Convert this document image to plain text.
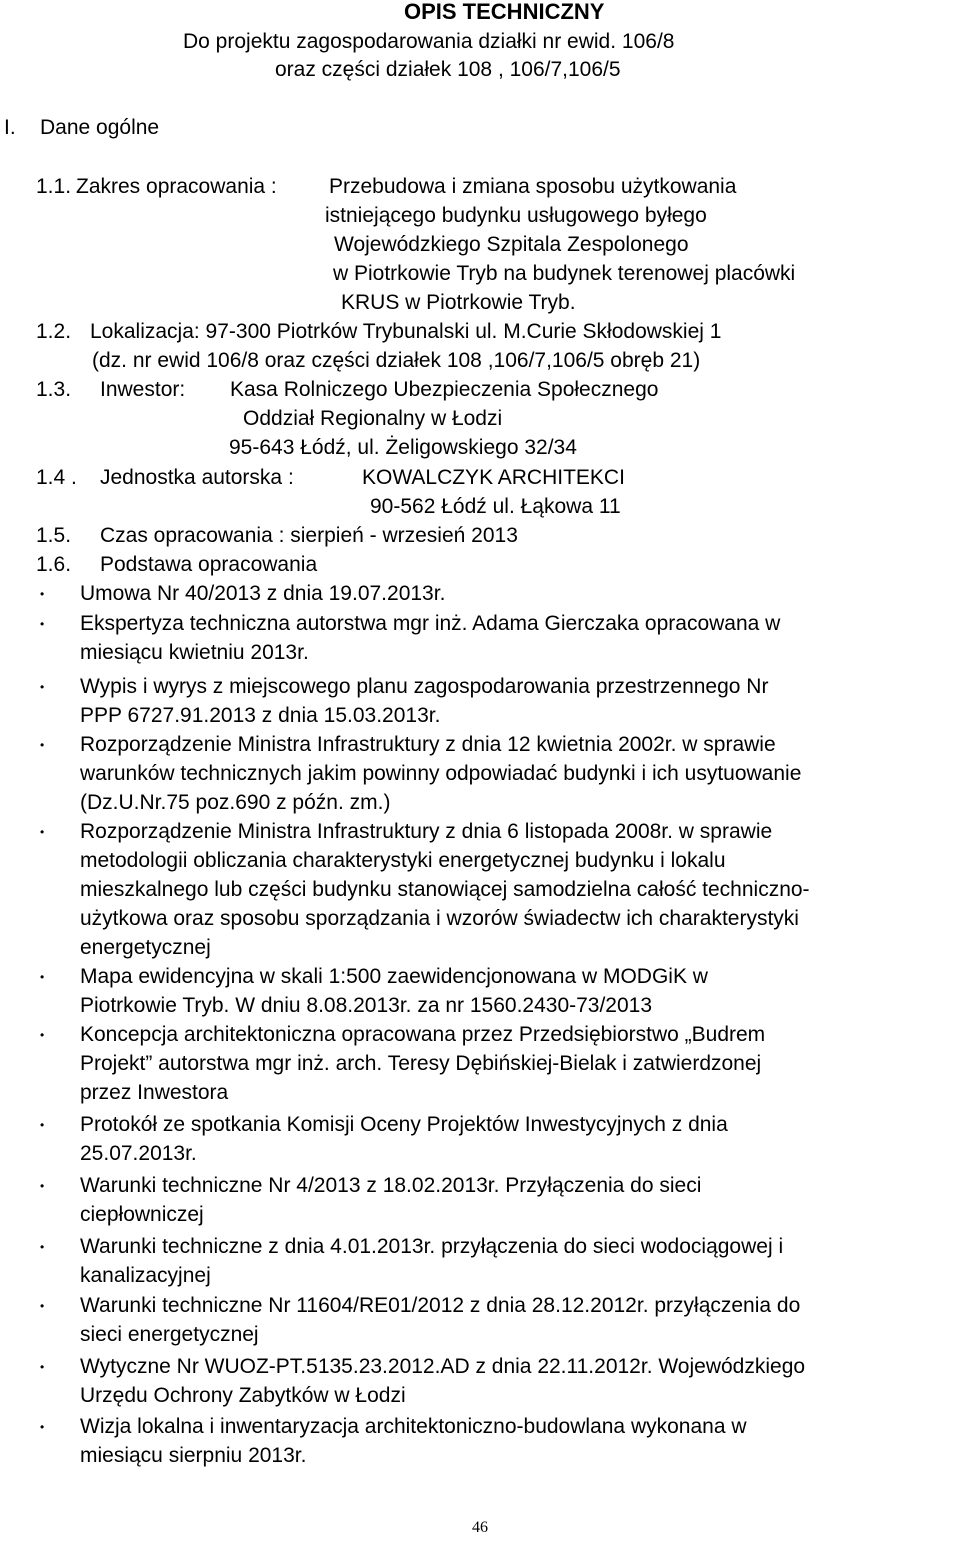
OPIS TECHNICZNY
Do projektu zagospodarowania działki nr ewid. 106/8
oraz części działek 108 , 106/7,106/5
I. Dane ogólne
1.1. Zakres opracowania : Przebudowa i zmiana sposobu użytkowania
istniejącego budynku usługowego byłego
Wojewódzkiego Szpitala Zespolonego
w Piotrkowie Tryb na budynek terenowej placówki
KRUS w Piotrkowie Tryb.
1.2. Lokalizacja: 97-300 Piotrków Trybunalski ul. M.Curie Skłodowskiej 1
(dz. nr ewid 106/8 oraz części działek 108 ,106/7,106/5 obręb 21)
1.3. Inwestor: Kasa Rolniczego Ubezpieczenia Społecznego
Oddział Regionalny w Łodzi
95-643 Łódź, ul. Żeligowskiego 32/34
1.4 . Jednostka autorska :	KOWALCZYK ARCHITEKCI
90-562 Łódź ul. Łąkowa 11
1.5. Czas opracowania : sierpień - wrzesień 2013
1.6. Podstawa opracowania
• Umowa Nr 40/2013 z dnia 19.07.2013r.
• Ekspertyza techniczna autorstwa mgr inż. Adama Gierczaka opracowana w
miesiącu kwietniu 2013r.
• Wypis i wyrys z miejscowego planu zagospodarowania przestrzennego Nr
PPP 6727.91.2013 z dnia 15.03.2013r.
• Rozporządzenie Ministra Infrastruktury z dnia 12 kwietnia 2002r. w sprawie
warunków technicznych jakim powinny odpowiadać budynki i ich usytuowanie
(Dz.U.Nr.75 poz.690 z późn. zm.)
• Rozporządzenie Ministra Infrastruktury z dnia 6 listopada 2008r. w sprawie
metodologii obliczania charakterystyki energetycznej budynku i lokalu
mieszkalnego lub części budynku stanowiącej samodzielna całość techniczno-
użytkowa oraz sposobu sporządzania i wzorów świadectw ich charakterystyki
energetycznej
• Mapa ewidencyjna w skali 1:500 zaewidencjonowana w MODGiK w
Piotrkowie Tryb. W dniu 8.08.2013r. za nr 1560.2430-73/2013
• Koncepcja architektoniczna opracowana przez Przedsiębiorstwo „Budrem
Projekt” autorstwa mgr inż. arch. Teresy Dębińskiej-Bielak i zatwierdzonej
przez Inwestora
• Protokół ze spotkania Komisji Oceny Projektów Inwestycyjnych z dnia
25.07.2013r.
• Warunki techniczne Nr 4/2013 z 18.02.2013r. Przyłączenia do sieci
ciepłowniczej
• Warunki techniczne z dnia 4.01.2013r. przyłączenia do sieci wodociągowej i
kanalizacyjnej
• Warunki techniczne Nr 11604/RE01/2012 z dnia 28.12.2012r. przyłączenia do
sieci energetycznej
• Wytyczne Nr WUOZ-PT.5135.23.2012.AD z dnia 22.11.2012r. Wojewódzkiego
Urzędu Ochrony Zabytków w Łodzi
• Wizja lokalna i inwentaryzacja architektoniczno-budowlana wykonana w
miesiącu sierpniu 2013r.
46
